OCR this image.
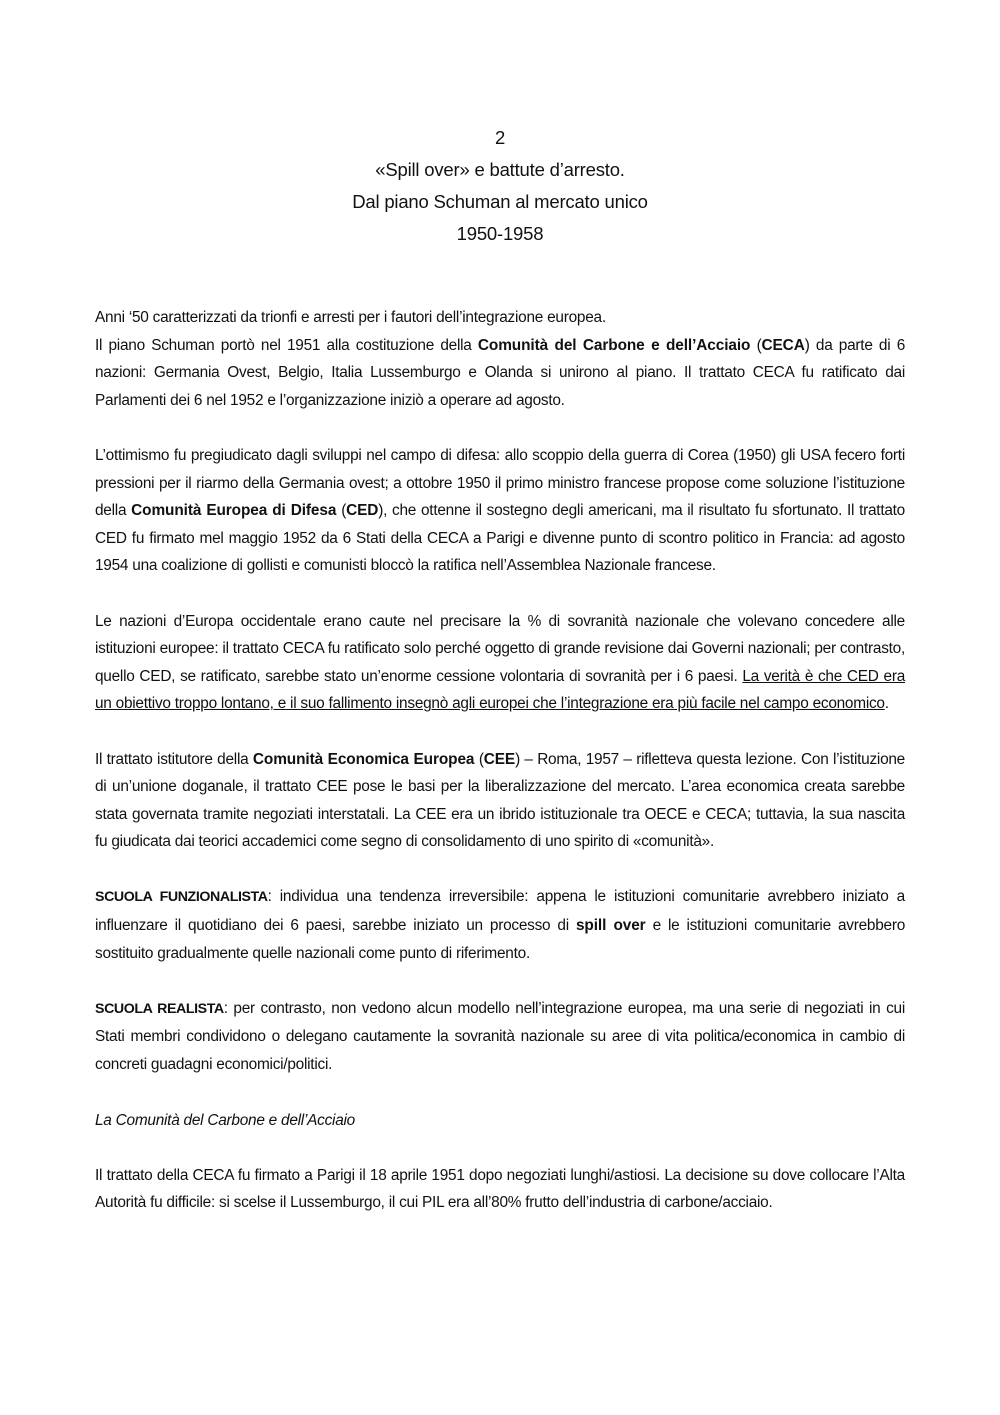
2
«Spill over» e battute d’arresto.
Dal piano Schuman al mercato unico
1950-1958

Anni ‘50 caratterizzati da trionfi e arresti per i fautori dell’integrazione europea.
Il piano Schuman portò nel 1951 alla costituzione della Comunità del Carbone e dell’Acciaio (CECA) da parte di 6 nazioni: Germania Ovest, Belgio, Italia Lussemburgo e Olanda si unirono al piano. Il trattato CECA fu ratificato dai Parlamenti dei 6 nel 1952 e l’organizzazione iniziò a operare ad agosto.

L’ottimismo fu pregiudicato dagli sviluppi nel campo di difesa: allo scoppio della guerra di Corea (1950) gli USA fecero forti pressioni per il riarmo della Germania ovest; a ottobre 1950 il primo ministro francese propose come soluzione l’istituzione della Comunità Europea di Difesa (CED), che ottenne il sostegno degli americani, ma il risultato fu sfortunato. Il trattato CED fu firmato mel maggio 1952 da 6 Stati della CECA a Parigi e divenne punto di scontro politico in Francia: ad agosto 1954 una coalizione di gollisti e comunisti bloccò la ratifica nell’Assemblea Nazionale francese.

Le nazioni d’Europa occidentale erano caute nel precisare la % di sovranità nazionale che volevano concedere alle istituzioni europee: il trattato CECA fu ratificato solo perché oggetto di grande revisione dai Governi nazionali; per contrasto, quello CED, se ratificato, sarebbe stato un’enorme cessione volontaria di sovranità per i 6 paesi. La verità è che CED era un obiettivo troppo lontano, e il suo fallimento insegnò agli europei che l’integrazione era più facile nel campo economico.

Il trattato istitutore della Comunità Economica Europea (CEE) – Roma, 1957 – rifletteva questa lezione. Con l’istituzione di un’unione doganale, il trattato CEE pose le basi per la liberalizzazione del mercato. L’area economica creata sarebbe stata governata tramite negoziati interstatali. La CEE era un ibrido istituzionale tra OECE e CECA; tuttavia, la sua nascita fu giudicata dai teorici accademici come segno di consolidamento di uno spirito di «comunità».

SCUOLA FUNZIONALISTA: individua una tendenza irreversibile: appena le istituzioni comunitarie avrebbero iniziato a influenzare il quotidiano dei 6 paesi, sarebbe iniziato un processo di spill over e le istituzioni comunitarie avrebbero sostituito gradualmente quelle nazionali come punto di riferimento.

SCUOLA REALISTA: per contrasto, non vedono alcun modello nell’integrazione europea, ma una serie di negoziati in cui Stati membri condividono o delegano cautamente la sovranità nazionale su aree di vita politica/economica in cambio di concreti guadagni economici/politici.

La Comunità del Carbone e dell’Acciaio

Il trattato della CECA fu firmato a Parigi il 18 aprile 1951 dopo negoziati lunghi/astiosi. La decisione su dove collocare l’Alta Autorità fu difficile: si scelse il Lussemburgo, il cui PIL era all’80% frutto dell’industria di carbone/acciaio.
